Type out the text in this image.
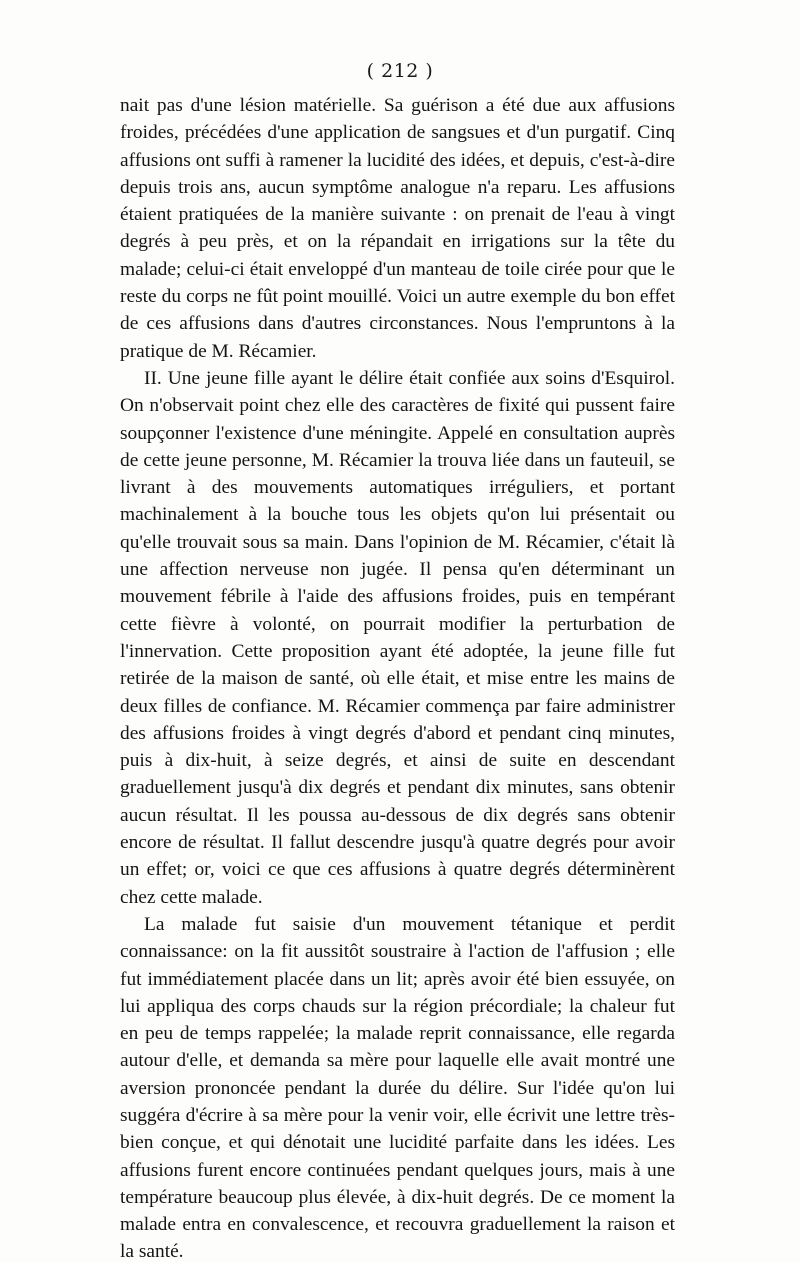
( 212 )

nait pas d'une lésion matérielle. Sa guérison a été due aux affusions froides, précédées d'une application de sangsues et d'un purgatif. Cinq affusions ont suffi à ramener la lucidité des idées, et depuis, c'est-à-dire depuis trois ans, aucun symptôme analogue n'a reparu. Les affusions étaient pratiquées de la manière suivante : on prenait de l'eau à vingt degrés à peu près, et on la répandait en irrigations sur la tête du malade; celui-ci était enveloppé d'un manteau de toile cirée pour que le reste du corps ne fût point mouillé. Voici un autre exemple du bon effet de ces affusions dans d'autres circonstances. Nous l'empruntons à la pratique de M. Récamier.

II. Une jeune fille ayant le délire était confiée aux soins d'Esquirol. On n'observait point chez elle des caractères de fixité qui pussent faire soupçonner l'existence d'une méningite. Appelé en consultation auprès de cette jeune personne, M. Récamier la trouva liée dans un fauteuil, se livrant à des mouvements automatiques irréguliers, et portant machinalement à la bouche tous les objets qu'on lui présentait ou qu'elle trouvait sous sa main. Dans l'opinion de M. Récamier, c'était là une affection nerveuse non jugée. Il pensa qu'en déterminant un mouvement fébrile à l'aide des affusions froides, puis en tempérant cette fièvre à volonté, on pourrait modifier la perturbation de l'innervation. Cette proposition ayant été adoptée, la jeune fille fut retirée de la maison de santé, où elle était, et mise entre les mains de deux filles de confiance. M. Récamier commença par faire administrer des affusions froides à vingt degrés d'abord et pendant cinq minutes, puis à dix-huit, à seize degrés, et ainsi de suite en descendant graduellement jusqu'à dix degrés et pendant dix minutes, sans obtenir aucun résultat. Il les poussa au-dessous de dix degrés sans obtenir encore de résultat. Il fallut descendre jusqu'à quatre degrés pour avoir un effet; or, voici ce que ces affusions à quatre degrés déterminèrent chez cette malade.

La malade fut saisie d'un mouvement tétanique et perdit connaissance: on la fit aussitôt soustraire à l'action de l'affusion ; elle fut immédiatement placée dans un lit; après avoir été bien essuyée, on lui appliqua des corps chauds sur la région précordiale; la chaleur fut en peu de temps rappelée; la malade reprit connaissance, elle regarda autour d'elle, et demanda sa mère pour laquelle elle avait montré une aversion prononcée pendant la durée du délire. Sur l'idée qu'on lui suggéra d'écrire à sa mère pour la venir voir, elle écrivit une lettre très-bien conçue, et qui dénotait une lucidité parfaite dans les idées. Les affusions furent encore continuées pendant quelques jours, mais à une température beaucoup plus élevée, à dix-huit degrés. De ce moment la malade entra en convalescence, et recouvra graduellement la raison et la santé.
